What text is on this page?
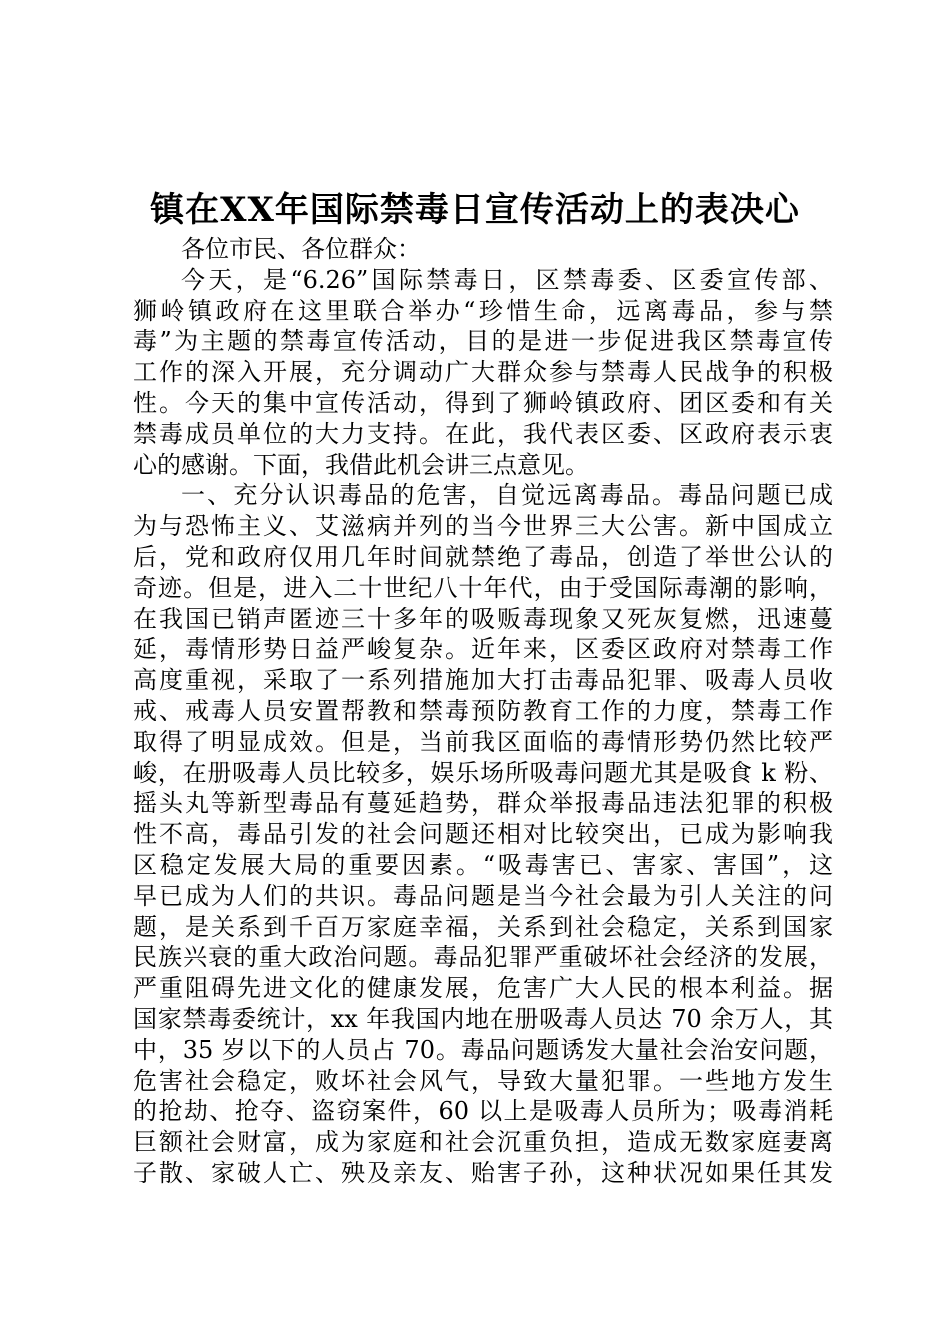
镇在XX年国际禁毒日宣传活动上的表决心
各位市民、各位群众：
今天，是“6.26”国际禁毒日，区禁毒委、区委宣传部、
狮岭镇政府在这里联合举办“珍惜生命，远离毒品，参与禁
毒”为主题的禁毒宣传活动，目的是进一步促进我区禁毒宣传
工作的深入开展，充分调动广大群众参与禁毒人民战争的积极
性。今天的集中宣传活动，得到了狮岭镇政府、团区委和有关
禁毒成员单位的大力支持。在此，我代表区委、区政府表示衷
心的感谢。下面，我借此机会讲三点意见。
一、充分认识毒品的危害，自觉远离毒品。毒品问题已成
为与恐怖主义、艾滋病并列的当今世界三大公害。新中国成立
后，党和政府仅用几年时间就禁绝了毒品，创造了举世公认的
奇迹。但是，进入二十世纪八十年代，由于受国际毒潮的影响，
在我国已销声匿迹三十多年的吸贩毒现象又死灰复燃，迅速蔓
延，毒情形势日益严峻复杂。近年来，区委区政府对禁毒工作
高度重视，采取了一系列措施加大打击毒品犯罪、吸毒人员收
戒、戒毒人员安置帮教和禁毒预防教育工作的力度，禁毒工作
取得了明显成效。但是，当前我区面临的毒情形势仍然比较严
峻，在册吸毒人员比较多，娱乐场所吸毒问题尤其是吸食 k 粉、
摇头丸等新型毒品有蔓延趋势，群众举报毒品违法犯罪的积极
性不高，毒品引发的社会问题还相对比较突出，已成为影响我
区稳定发展大局的重要因素。“吸毒害已、害家、害国”，这
早已成为人们的共识。毒品问题是当今社会最为引人关注的问
题，是关系到千百万家庭幸福，关系到社会稳定，关系到国家
民族兴衰的重大政治问题。毒品犯罪严重破坏社会经济的发展，
严重阻碍先进文化的健康发展，危害广大人民的根本利益。据
国家禁毒委统计，xx 年我国内地在册吸毒人员达 70 余万人，其
中，35 岁以下的人员占 70。毒品问题诱发大量社会治安问题，
危害社会稳定，败坏社会风气，导致大量犯罪。一些地方发生
的抢劫、抢夺、盗窃案件，60 以上是吸毒人员所为；吸毒消耗
巨额社会财富，成为家庭和社会沉重负担，造成无数家庭妻离
子散、家破人亡、殃及亲友、贻害子孙，这种状况如果任其发
